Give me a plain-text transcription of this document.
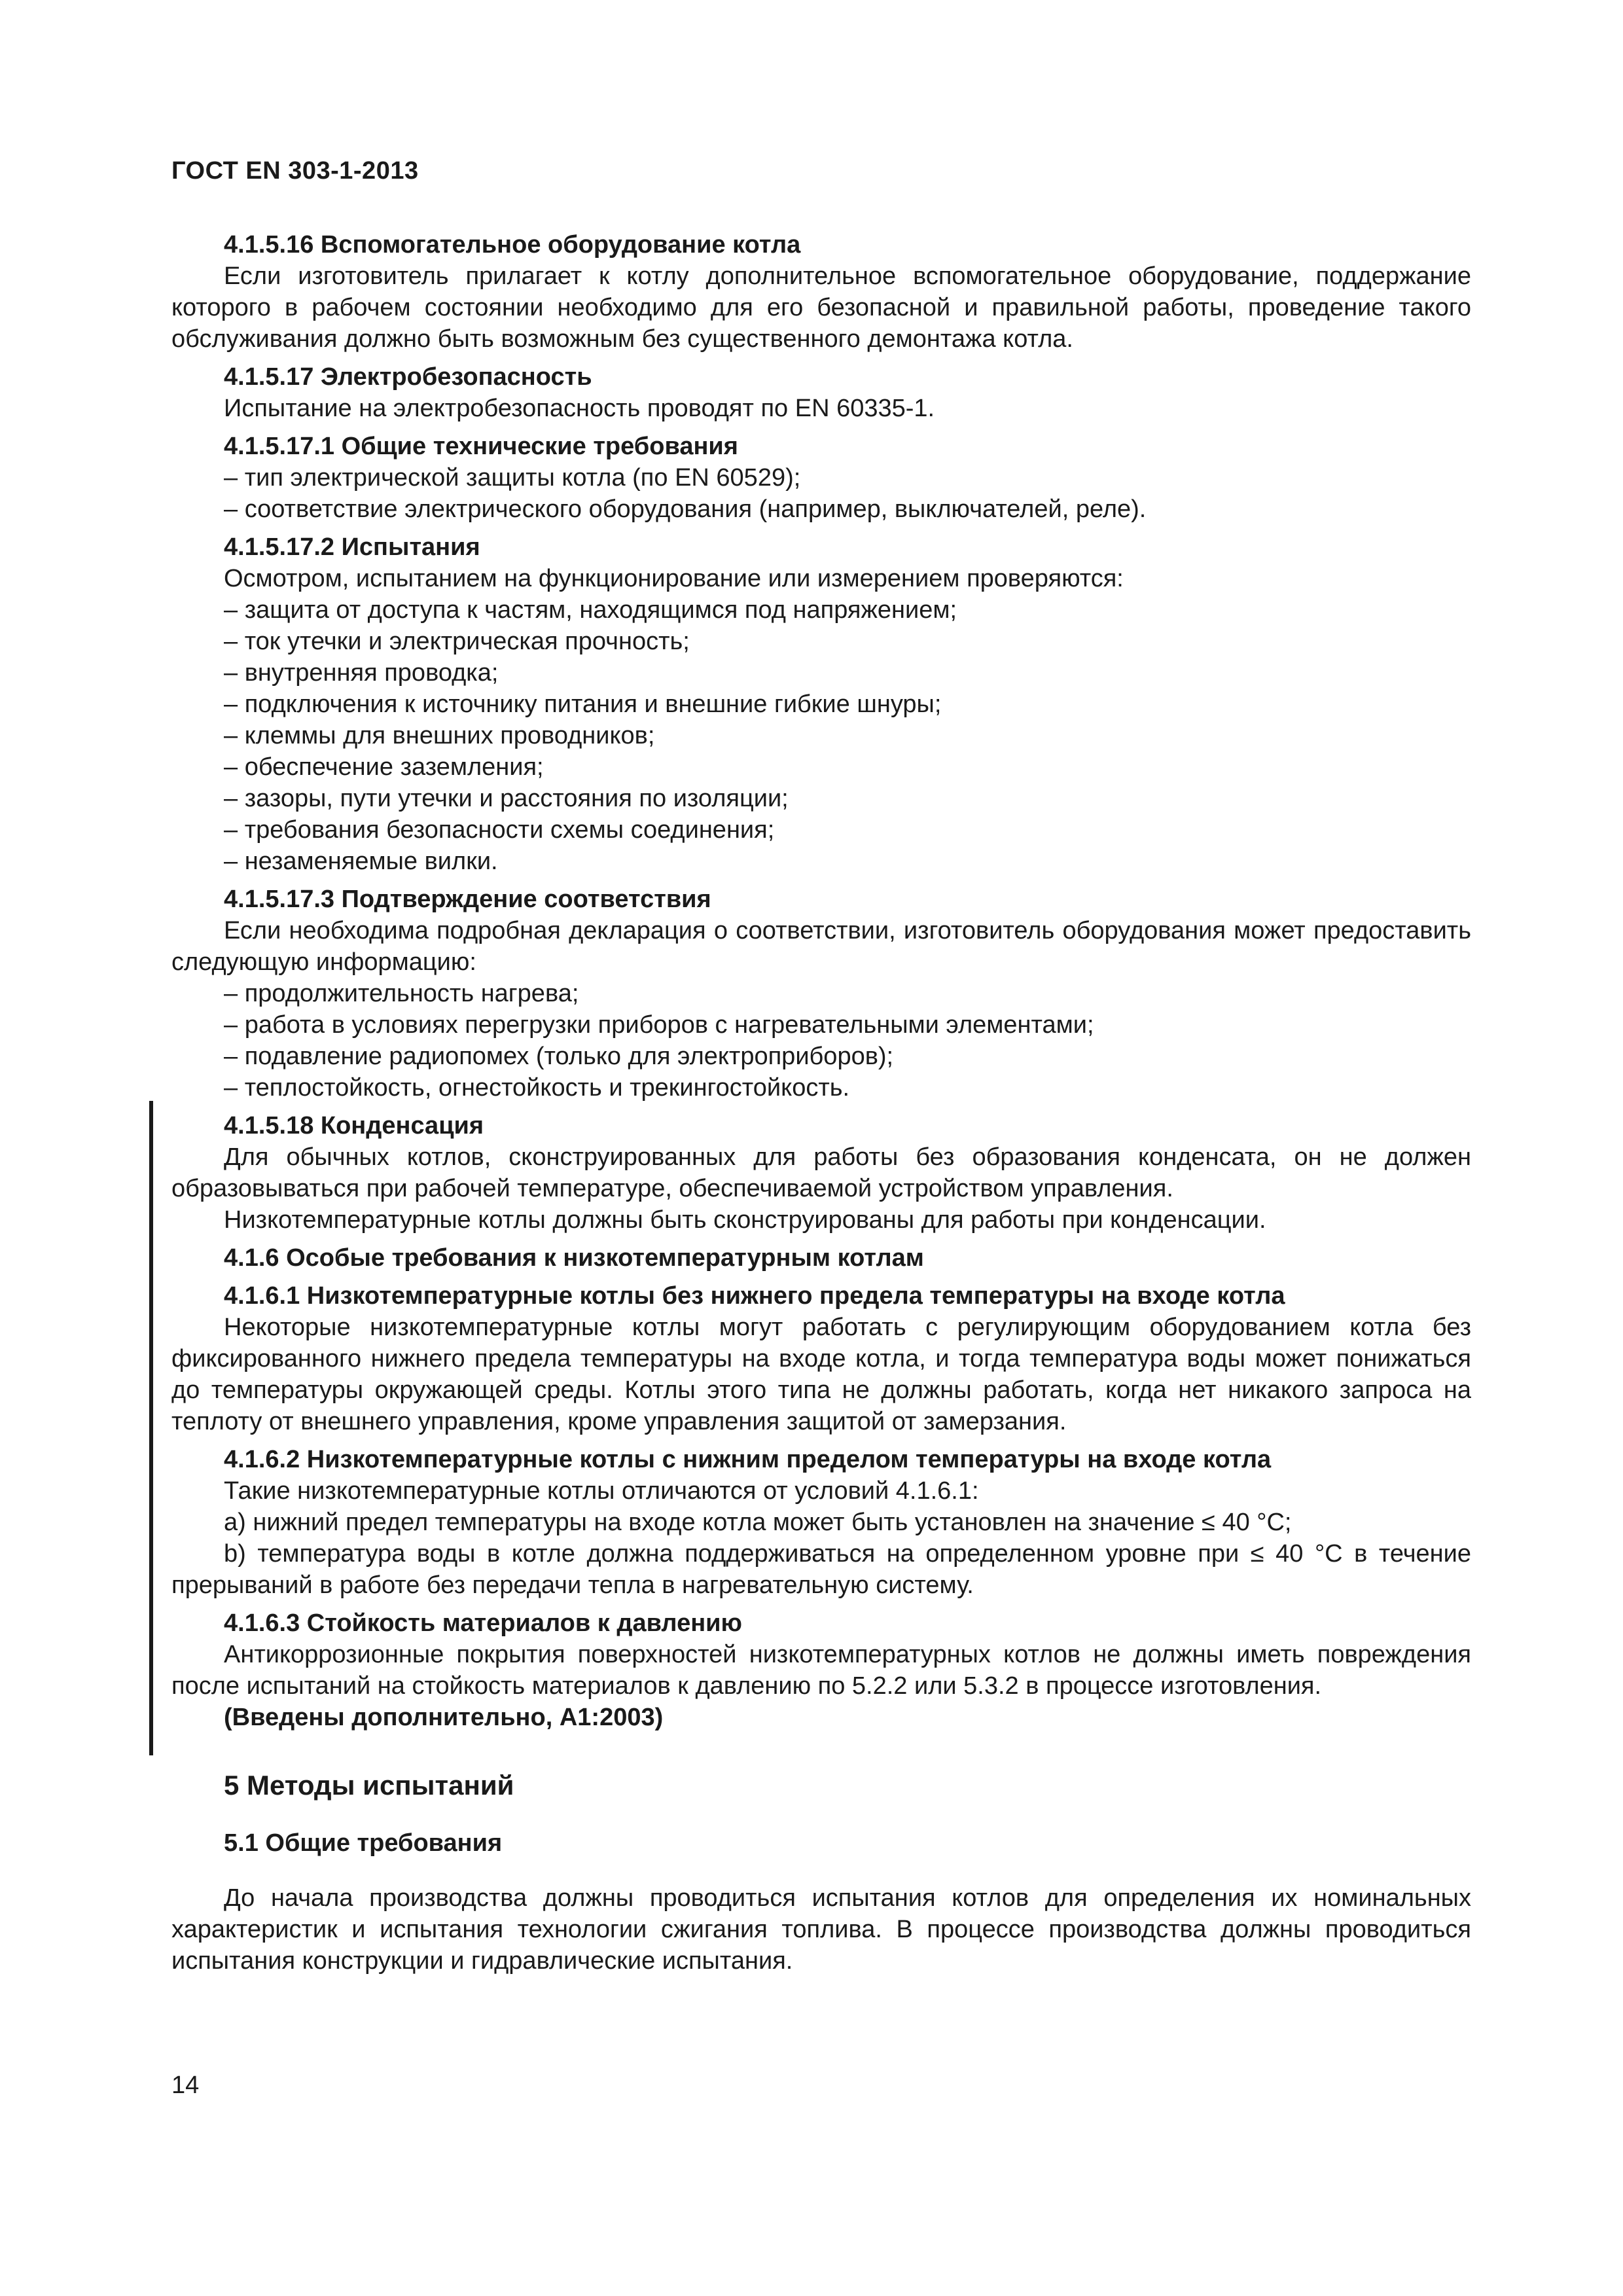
ГОСТ EN 303-1-2013

4.1.5.16 Вспомогательное оборудование котла

Если изготовитель прилагает к котлу дополнительное вспомогательное оборудование, поддержание которого в рабочем состоянии необходимо для его безопасной и правильной работы, проведение такого обслуживания должно быть возможным без существенного демонтажа котла.

4.1.5.17 Электробезопасность

Испытание на электробезопасность проводят по EN 60335-1.

4.1.5.17.1 Общие технические требования

– тип электрической защиты котла (по EN 60529);

– соответствие электрического оборудования (например, выключателей, реле).

4.1.5.17.2 Испытания

Осмотром, испытанием на функционирование или измерением проверяются:

– защита от доступа к частям, находящимся под напряжением;

– ток утечки и электрическая прочность;

– внутренняя проводка;

– подключения к источнику питания и внешние гибкие шнуры;

– клеммы для внешних проводников;

– обеспечение заземления;

– зазоры, пути утечки и расстояния по изоляции;

– требования безопасности схемы соединения;

– незаменяемые вилки.

4.1.5.17.3 Подтверждение соответствия

Если необходима подробная декларация о соответствии, изготовитель оборудования может предоставить следующую информацию:

– продолжительность нагрева;

– работа в условиях перегрузки приборов с нагревательными элементами;

– подавление радиопомех (только для электроприборов);

– теплостойкость, огнестойкость и трекингостойкость.

4.1.5.18 Конденсация

Для обычных котлов, сконструированных для работы без образования конденсата, он не должен образовываться при рабочей температуре, обеспечиваемой устройством управления.

Низкотемпературные котлы должны быть сконструированы для работы при конденсации.

4.1.6 Особые требования к низкотемпературным котлам

4.1.6.1 Низкотемпературные котлы без нижнего предела температуры на входе котла

Некоторые низкотемпературные котлы могут работать с регулирующим оборудованием котла без фиксированного нижнего предела температуры на входе котла, и тогда температура воды может понижаться до температуры окружающей среды. Котлы этого типа не должны работать, когда нет никакого запроса на теплоту от внешнего управления, кроме управления защитой от замерзания.

4.1.6.2 Низкотемпературные котлы с нижним пределом температуры на входе котла

Такие низкотемпературные котлы отличаются от условий 4.1.6.1:

а) нижний предел температуры на входе котла может быть установлен на значение ≤ 40 °С;

b) температура воды в котле должна поддерживаться на определенном уровне при ≤ 40 °С в течение прерываний в работе без передачи тепла в нагревательную систему.

4.1.6.3 Стойкость материалов к давлению

Антикоррозионные покрытия поверхностей низкотемпературных котлов не должны иметь повреждения после испытаний на стойкость материалов к давлению по 5.2.2 или 5.3.2 в процессе изготовления.

(Введены дополнительно, А1:2003)

5 Методы испытаний

5.1 Общие требования

До начала производства должны проводиться испытания котлов для определения их номинальных характеристик и испытания технологии сжигания топлива. В процессе производства должны проводиться испытания конструкции и гидравлические испытания.

14
